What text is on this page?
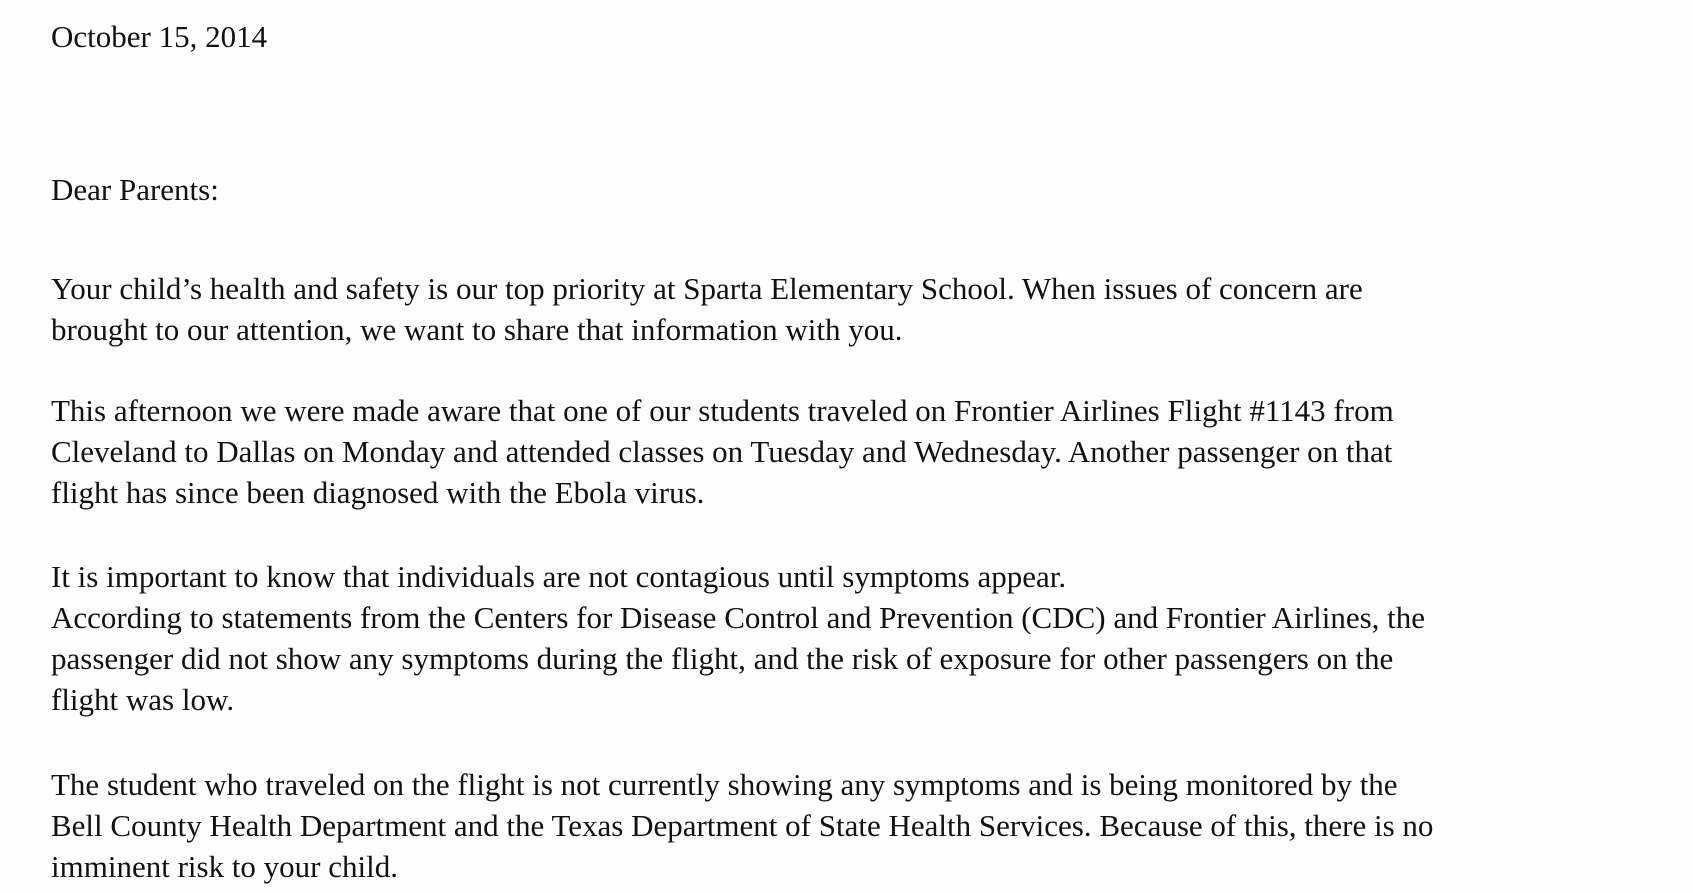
October 15, 2014

Dear Parents:

Your child’s health and safety is our top priority at Sparta Elementary School. When issues of concern are
brought to our attention, we want to share that information with you.
This afternoon we were made aware that one of our students traveled on Frontier Airlines Flight #1143 from
Cleveland to Dallas on Monday and attended classes on Tuesday and Wednesday. Another passenger on that
flight has since been diagnosed with the Ebola virus.
It is important to know that individuals are not contagious until symptoms appear.
According to statements from the Centers for Disease Control and Prevention (CDC) and Frontier Airlines, the
passenger did not show any symptoms during the flight, and the risk of exposure for other passengers on the
flight was low.
The student who traveled on the flight is not currently showing any symptoms and is being monitored by the
Bell County Health Department and the Texas Department of State Health Services. Because of this, there is no
imminent risk to your child.
